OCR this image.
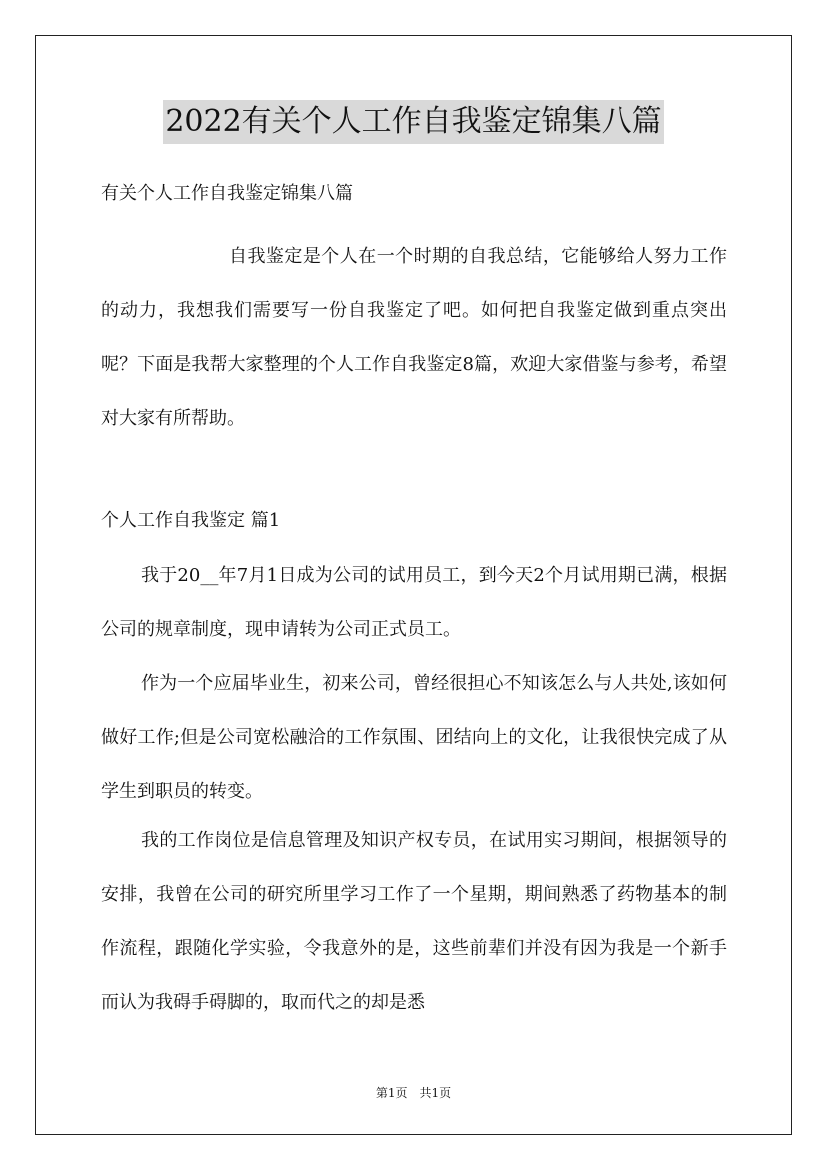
2022有关个人工作自我鉴定锦集八篇
有关个人工作自我鉴定锦集八篇

自我鉴定是个人在一个时期的自我总结，它能够给人努力工作的动力，我想我们需要写一份自我鉴定了吧。如何把自我鉴定做到重点突出呢？下面是我帮大家整理的个人工作自我鉴定8篇，欢迎大家借鉴与参考，希望对大家有所帮助。

个人工作自我鉴定 篇1

我于20__年7月1日成为公司的试用员工，到今天2个月试用期已满，根据公司的规章制度，现申请转为公司正式员工。

作为一个应届毕业生，初来公司，曾经很担心不知该怎么与人共处,该如何做好工作;但是公司宽松融洽的工作氛围、团结向上的文化，让我很快完成了从学生到职员的转变。

我的工作岗位是信息管理及知识产权专员，在试用实习期间，根据领导的安排，我曾在公司的研究所里学习工作了一个星期，期间熟悉了药物基本的制作流程，跟随化学实验，令我意外的是，这些前辈们并没有因为我是一个新手而认为我碍手碍脚的，取而代之的却是悉

第1页　共1页
